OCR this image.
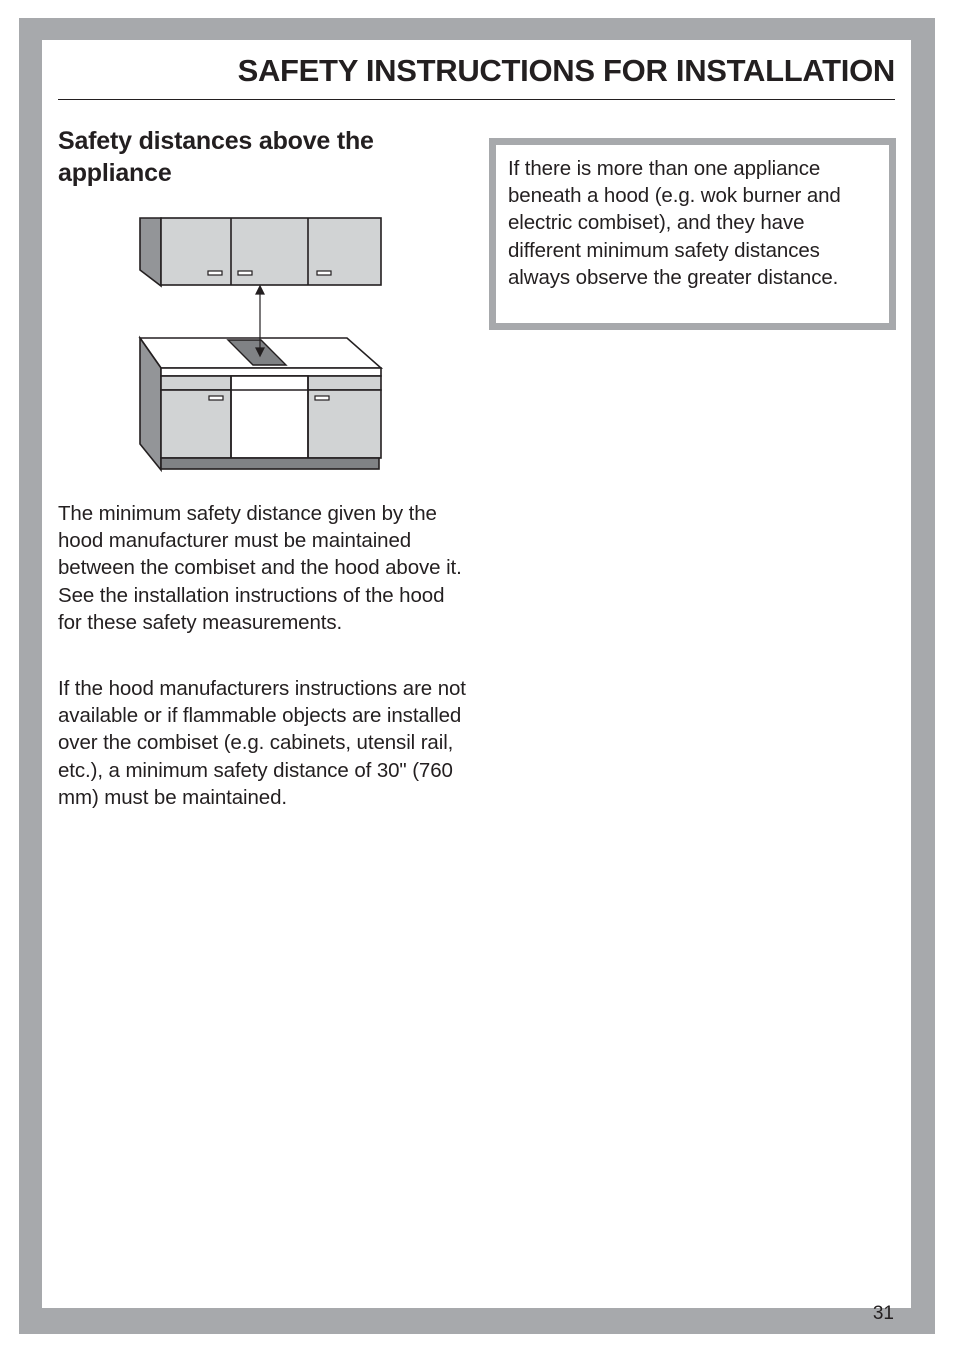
SAFETY INSTRUCTIONS FOR INSTALLATION
Safety distances above the appliance
The minimum safety distance given by the hood manufacturer must be maintained between the combiset and the hood above it. See the installation instructions of the hood for these safety measurements.
If the hood manufacturers instructions are not available or if flammable objects are installed over the combiset (e.g. cabinets, utensil rail, etc.), a minimum safety distance of 30" (760 mm) must be maintained.
If there is more than one appliance beneath a hood (e.g. wok burner and electric combiset), and they have different minimum safety distances always observe the greater distance.
31
